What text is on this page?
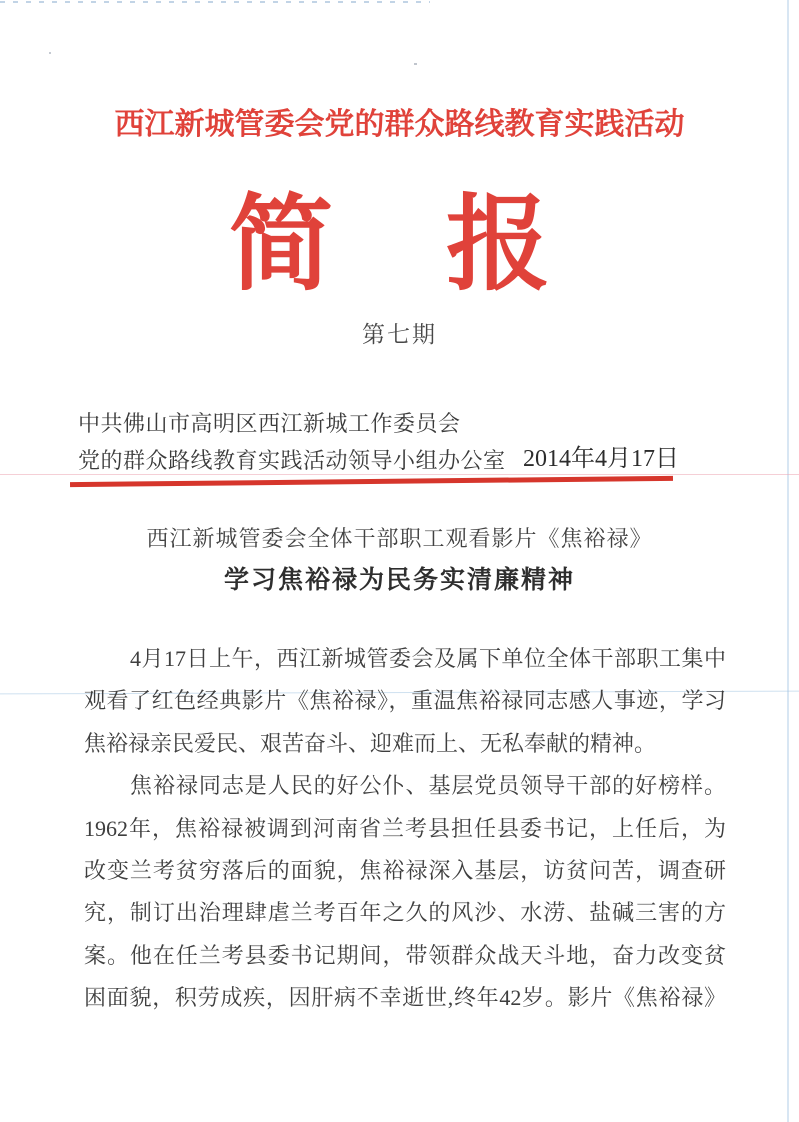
西江新城管委会党的群众路线教育实践活动
简 报
第七期
中共佛山市高明区西江新城工作委员会
党的群众路线教育实践活动领导小组办公室 2014年4月17日
西江新城管委会全体干部职工观看影片《焦裕禄》
学习焦裕禄为民务实清廉精神
4月17日上午，西江新城管委会及属下单位全体干部职工集中
观看了红色经典影片《焦裕禄》，重温焦裕禄同志感人事迹，学习
焦裕禄亲民爱民、艰苦奋斗、迎难而上、无私奉献的精神。
焦裕禄同志是人民的好公仆、基层党员领导干部的好榜样。
1962年，焦裕禄被调到河南省兰考县担任县委书记，上任后，为
改变兰考贫穷落后的面貌，焦裕禄深入基层，访贫问苦，调查研
究，制订出治理肆虐兰考百年之久的风沙、水涝、盐碱三害的方
案。他在任兰考县委书记期间，带领群众战天斗地，奋力改变贫
困面貌，积劳成疾，因肝病不幸逝世,终年42岁。影片《焦裕禄》
